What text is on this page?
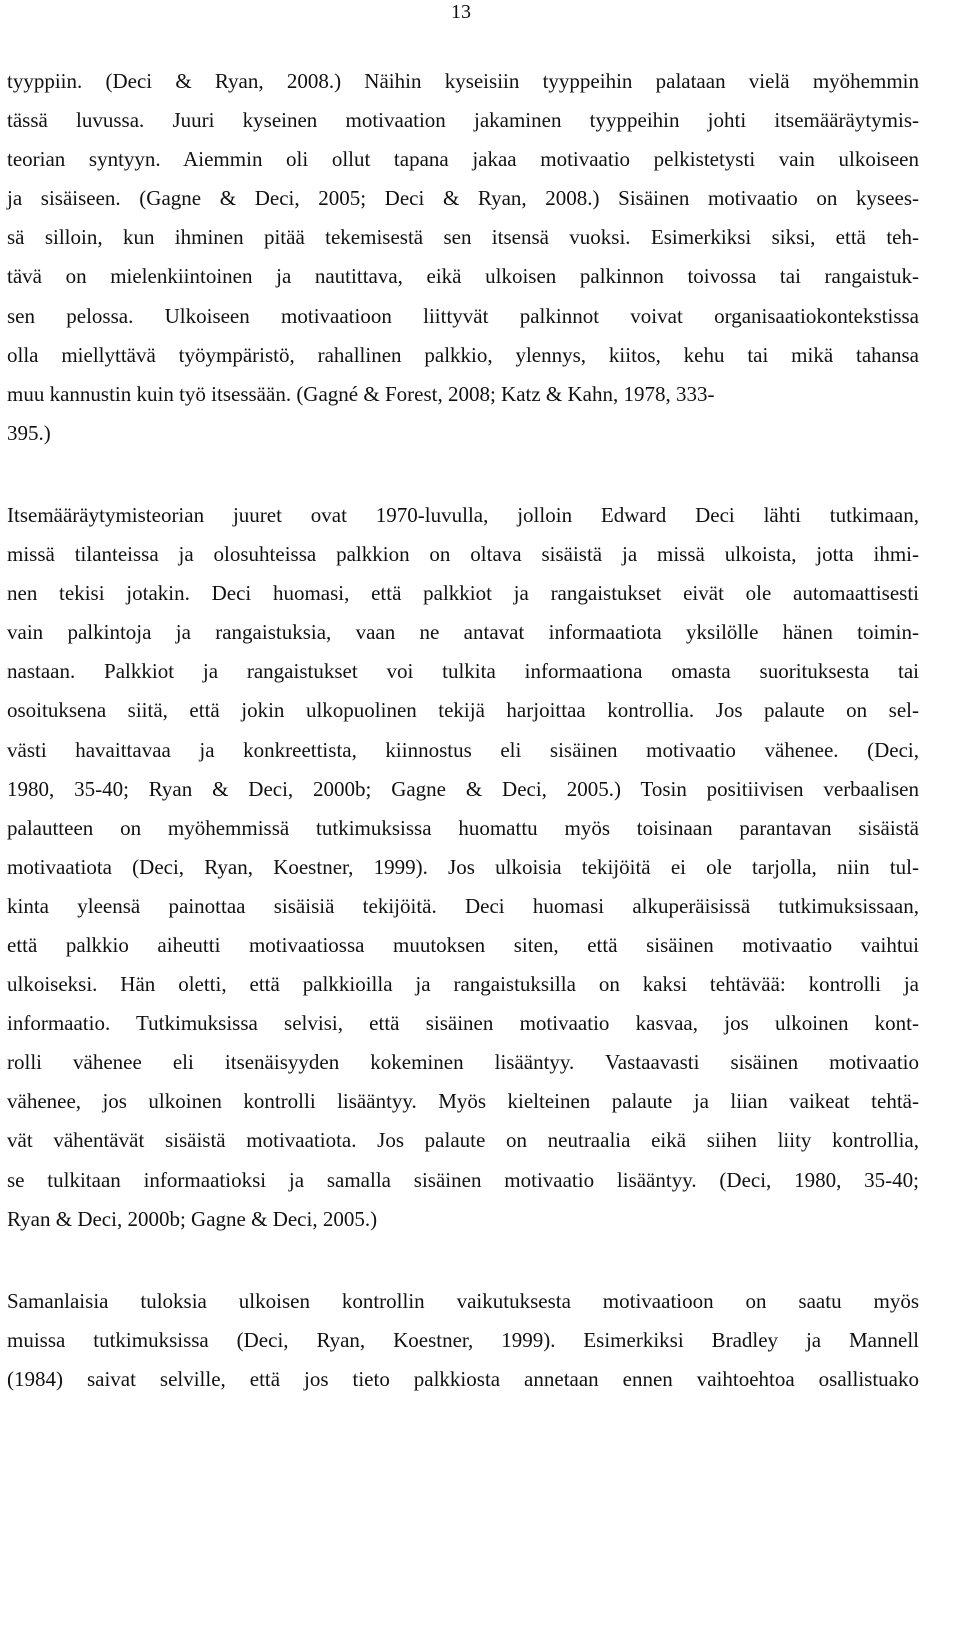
13
tyyppiin. (Deci & Ryan, 2008.) Näihin kyseisiin tyyppeihin palataan vielä myöhemmin
tässä luvussa. Juuri kyseinen motivaation jakaminen tyyppeihin johti itsemääräytymis-
teorian syntyyn. Aiemmin oli ollut tapana jakaa motivaatio pelkistetysti vain ulkoiseen
ja sisäiseen. (Gagne & Deci, 2005; Deci & Ryan, 2008.) Sisäinen motivaatio on kysees-
sä silloin, kun ihminen pitää tekemisestä sen itsensä vuoksi. Esimerkiksi siksi, että teh-
tävä on mielenkiintoinen ja nautittava, eikä ulkoisen palkinnon toivossa tai rangaistuk-
sen pelossa. Ulkoiseen motivaatioon liittyvät palkinnot voivat organisaatiokontekstissa
olla miellyttävä työympäristö, rahallinen palkkio, ylennys, kiitos, kehu tai mikä tahansa
muu kannustin kuin työ itsessään. (Gagné & Forest, 2008; Katz & Kahn, 1978, 333-
395.)
Itsemääräytymisteorian juuret ovat 1970-luvulla, jolloin Edward Deci lähti tutkimaan,
missä tilanteissa ja olosuhteissa palkkion on oltava sisäistä ja missä ulkoista, jotta ihmi-
nen tekisi jotakin. Deci huomasi, että palkkiot ja rangaistukset eivät ole automaattisesti
vain palkintoja ja rangaistuksia, vaan ne antavat informaatiota yksilölle hänen toimin-
nastaan. Palkkiot ja rangaistukset voi tulkita informaationa omasta suorituksesta tai
osoituksena siitä, että jokin ulkopuolinen tekijä harjoittaa kontrollia. Jos palaute on sel-
västi havaittavaa ja konkreettista, kiinnostus eli sisäinen motivaatio vähenee. (Deci,
1980, 35-40; Ryan & Deci, 2000b; Gagne & Deci, 2005.) Tosin positiivisen verbaalisen
palautteen on myöhemmissä tutkimuksissa huomattu myös toisinaan parantavan sisäistä
motivaatiota (Deci, Ryan, Koestner, 1999). Jos ulkoisia tekijöitä ei ole tarjolla, niin tul-
kinta yleensä painottaa sisäisiä tekijöitä. Deci huomasi alkuperäisissä tutkimuksissaan,
että palkkio aiheutti motivaatiossa muutoksen siten, että sisäinen motivaatio vaihtui
ulkoiseksi. Hän oletti, että palkkioilla ja rangaistuksilla on kaksi tehtävää: kontrolli ja
informaatio. Tutkimuksissa selvisi, että sisäinen motivaatio kasvaa, jos ulkoinen kont-
rolli vähenee eli itsenäisyyden kokeminen lisääntyy. Vastaavasti sisäinen motivaatio
vähenee, jos ulkoinen kontrolli lisääntyy. Myös kielteinen palaute ja liian vaikeat tehtä-
vät vähentävät sisäistä motivaatiota. Jos palaute on neutraalia eikä siihen liity kontrollia,
se tulkitaan informaatioksi ja samalla sisäinen motivaatio lisääntyy. (Deci, 1980, 35-40;
Ryan & Deci, 2000b; Gagne & Deci, 2005.)
Samanlaisia tuloksia ulkoisen kontrollin vaikutuksesta motivaatioon on saatu myös
muissa tutkimuksissa (Deci, Ryan, Koestner, 1999). Esimerkiksi Bradley ja Mannell
(1984) saivat selville, että jos tieto palkkiosta annetaan ennen vaihtoehtoa osallistuako
